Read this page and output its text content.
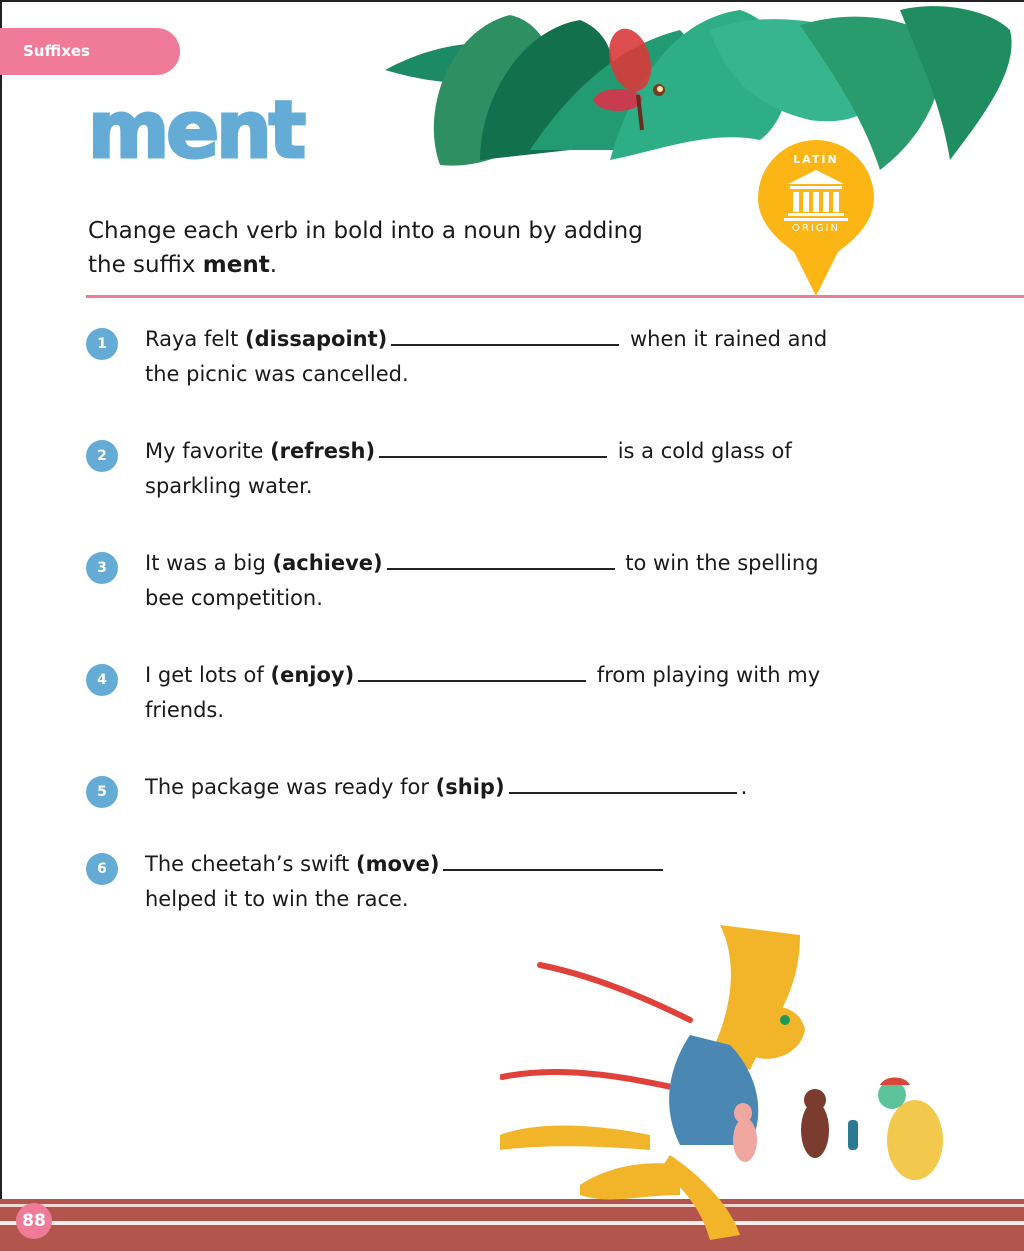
Suffixes
LATIN
ORIGIN
ment
Change each verb in bold into a noun by adding the suffix ment.
1	Raya felt (dissapoint)	when it rained and the picnic was cancelled.
2	My favorite (refresh)	is a cold glass of sparkling water.
3	It was a big (achieve)	to win the spelling bee competition.
4	I get lots of (enjoy)	from playing with my friends.
5	The package was ready for (ship)	.
6	The cheetah’s swift (move) helped it to win the race.
88
